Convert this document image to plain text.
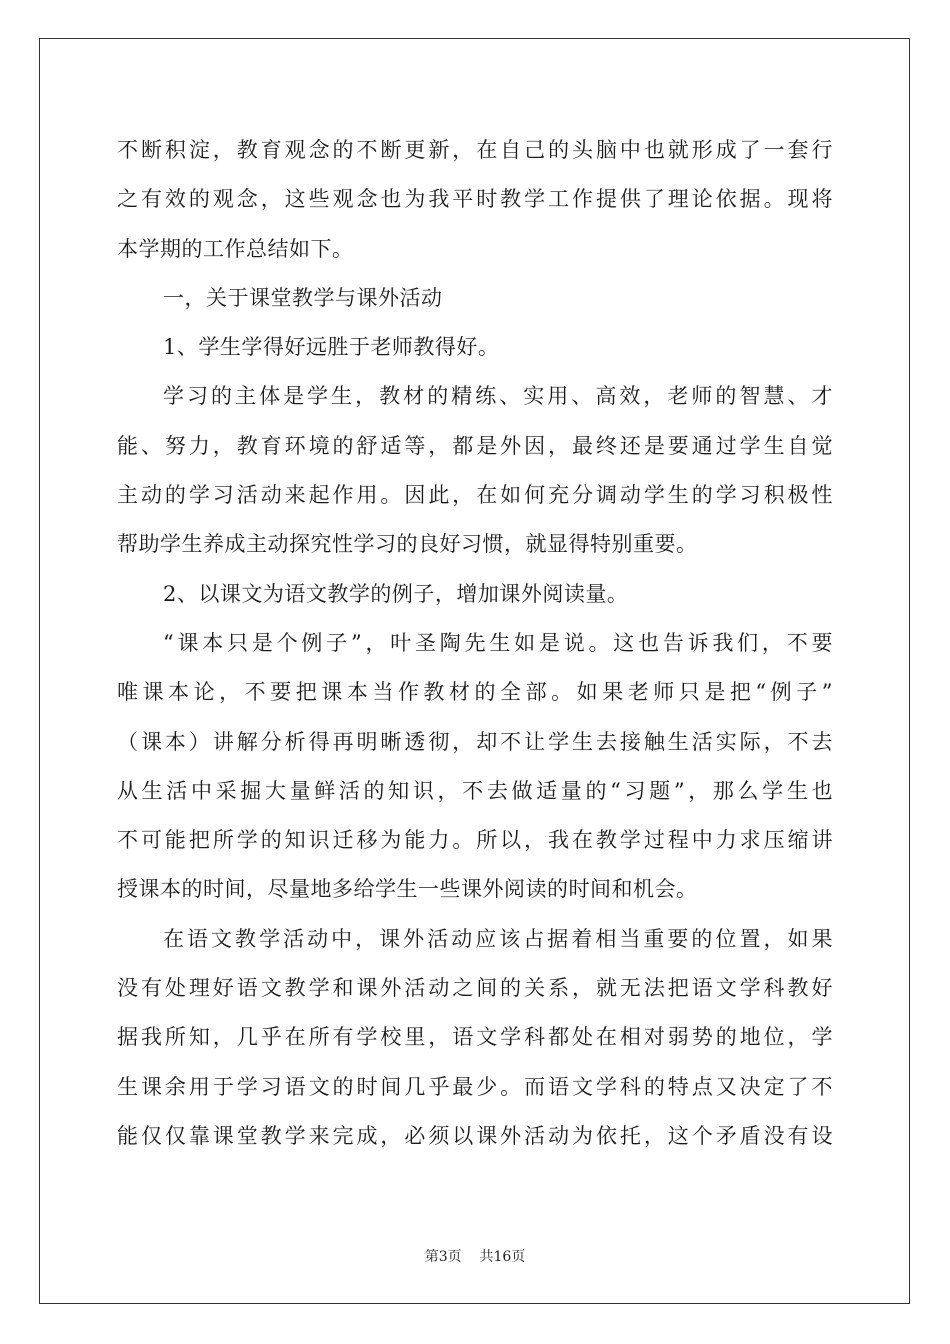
不断积淀，教育观念的不断更新，在自己的头脑中也就形成了一套行
之有效的观念，这些观念也为我平时教学工作提供了理论依据。现将
本学期的工作总结如下。
一，关于课堂教学与课外活动
1、学生学得好远胜于老师教得好。
学习的主体是学生，教材的精练、实用、高效，老师的智慧、才
能、努力，教育环境的舒适等，都是外因，最终还是要通过学生自觉
主动的学习活动来起作用。因此，在如何充分调动学生的学习积极性
帮助学生养成主动探究性学习的良好习惯，就显得特别重要。
2、以课文为语文教学的例子，增加课外阅读量。
“课本只是个例子”，叶圣陶先生如是说。这也告诉我们，不要
唯课本论，不要把课本当作教材的全部。如果老师只是把“例子”
（课本）讲解分析得再明晰透彻，却不让学生去接触生活实际，不去
从生活中采掘大量鲜活的知识，不去做适量的“习题”，那么学生也
不可能把所学的知识迁移为能力。所以，我在教学过程中力求压缩讲
授课本的时间，尽量地多给学生一些课外阅读的时间和机会。
在语文教学活动中，课外活动应该占据着相当重要的位置，如果
没有处理好语文教学和课外活动之间的关系，就无法把语文学科教好
据我所知，几乎在所有学校里，语文学科都处在相对弱势的地位，学
生课余用于学习语文的时间几乎最少。而语文学科的特点又决定了不
能仅仅靠课堂教学来完成，必须以课外活动为依托，这个矛盾没有设
第3页 共16页
